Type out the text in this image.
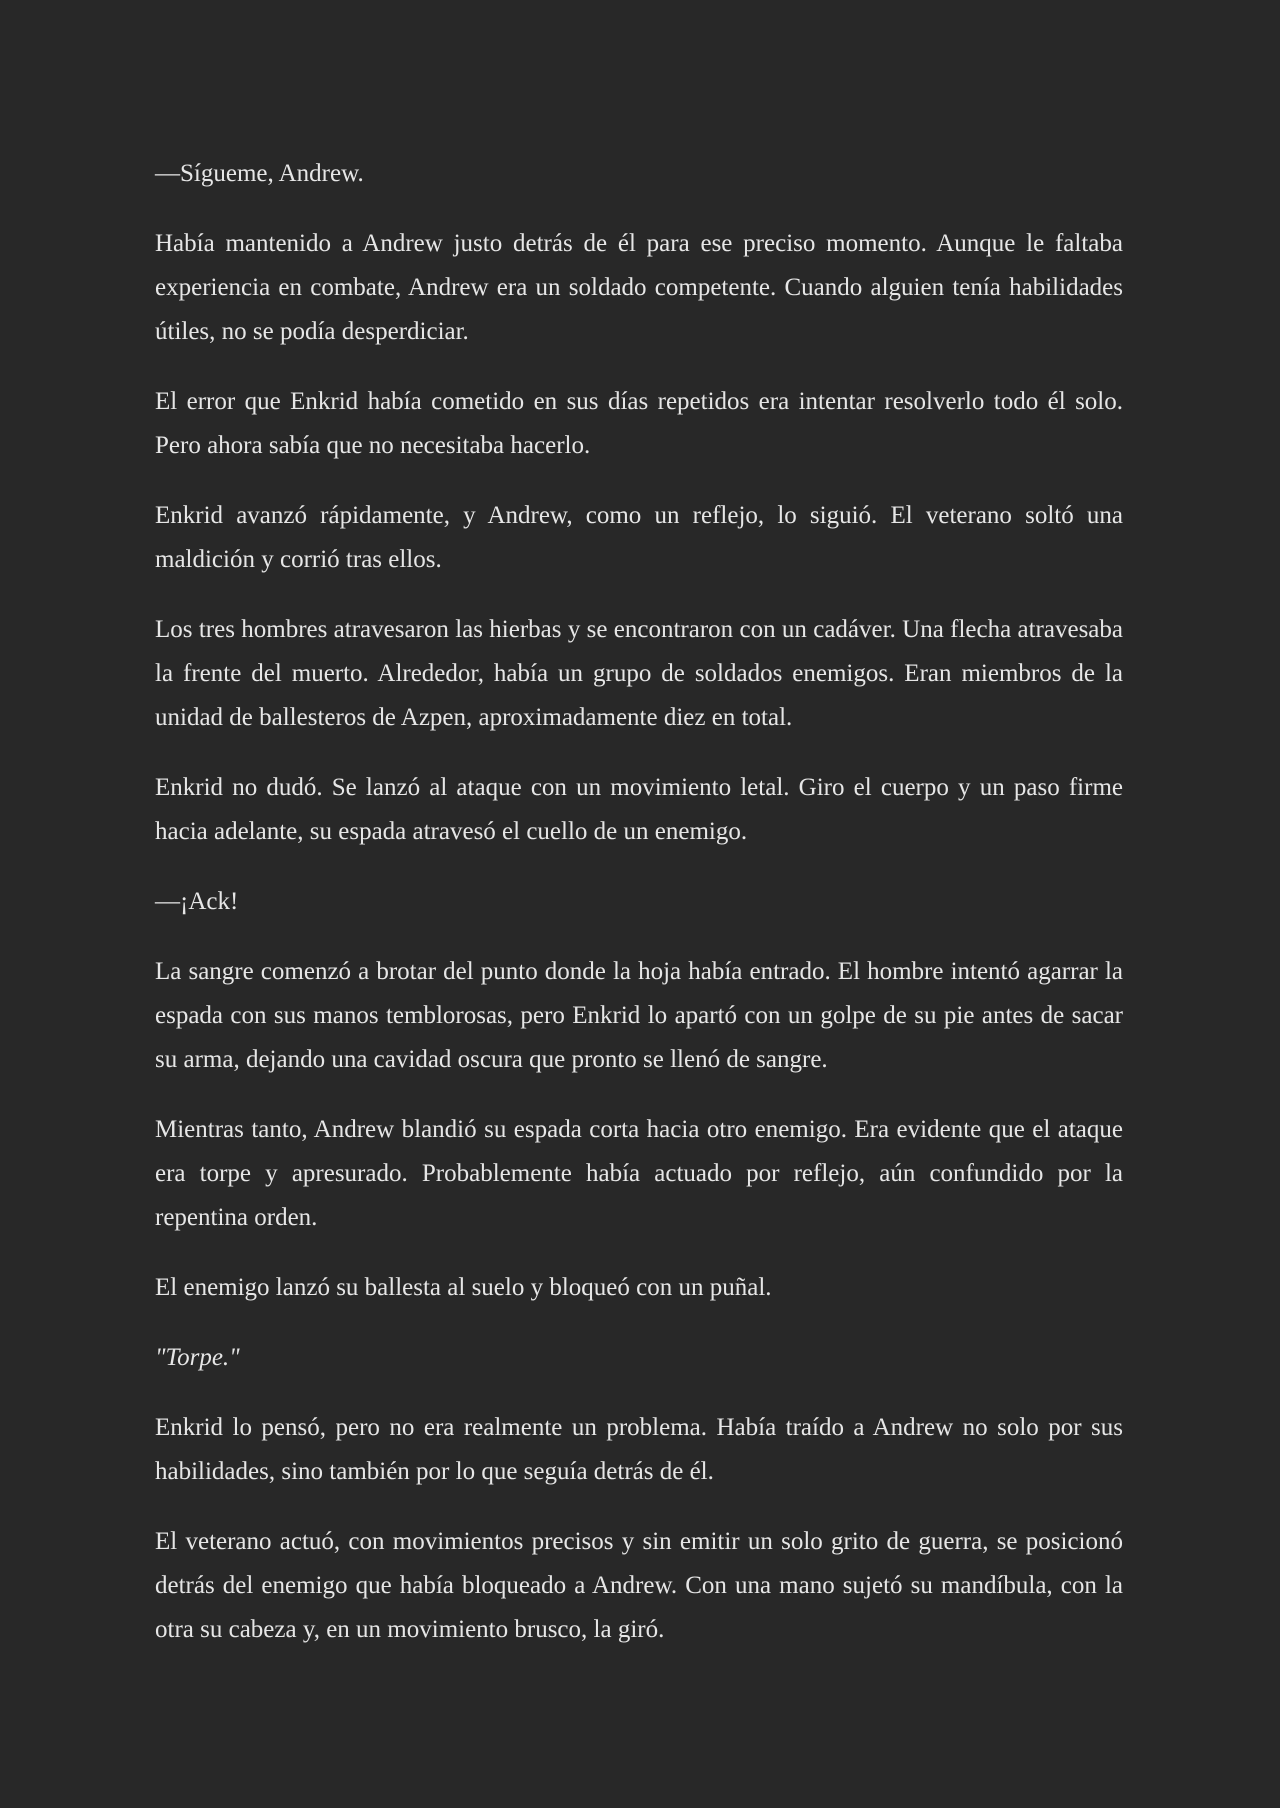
—Sígueme, Andrew.

Había mantenido a Andrew justo detrás de él para ese preciso momento. Aunque le faltaba experiencia en combate, Andrew era un soldado competente. Cuando alguien tenía habilidades útiles, no se podía desperdiciar.

El error que Enkrid había cometido en sus días repetidos era intentar resolverlo todo él solo. Pero ahora sabía que no necesitaba hacerlo.

Enkrid avanzó rápidamente, y Andrew, como un reflejo, lo siguió. El veterano soltó una maldición y corrió tras ellos.

Los tres hombres atravesaron las hierbas y se encontraron con un cadáver. Una flecha atravesaba la frente del muerto. Alrededor, había un grupo de soldados enemigos. Eran miembros de la unidad de ballesteros de Azpen, aproximadamente diez en total.

Enkrid no dudó. Se lanzó al ataque con un movimiento letal. Giro el cuerpo y un paso firme hacia adelante, su espada atravesó el cuello de un enemigo.

—¡Ack!

La sangre comenzó a brotar del punto donde la hoja había entrado. El hombre intentó agarrar la espada con sus manos temblorosas, pero Enkrid lo apartó con un golpe de su pie antes de sacar su arma, dejando una cavidad oscura que pronto se llenó de sangre.

Mientras tanto, Andrew blandió su espada corta hacia otro enemigo. Era evidente que el ataque era torpe y apresurado. Probablemente había actuado por reflejo, aún confundido por la repentina orden.

El enemigo lanzó su ballesta al suelo y bloqueó con un puñal.

"Torpe."

Enkrid lo pensó, pero no era realmente un problema. Había traído a Andrew no solo por sus habilidades, sino también por lo que seguía detrás de él.

El veterano actuó, con movimientos precisos y sin emitir un solo grito de guerra, se posicionó detrás del enemigo que había bloqueado a Andrew. Con una mano sujetó su mandíbula, con la otra su cabeza y, en un movimiento brusco, la giró.
